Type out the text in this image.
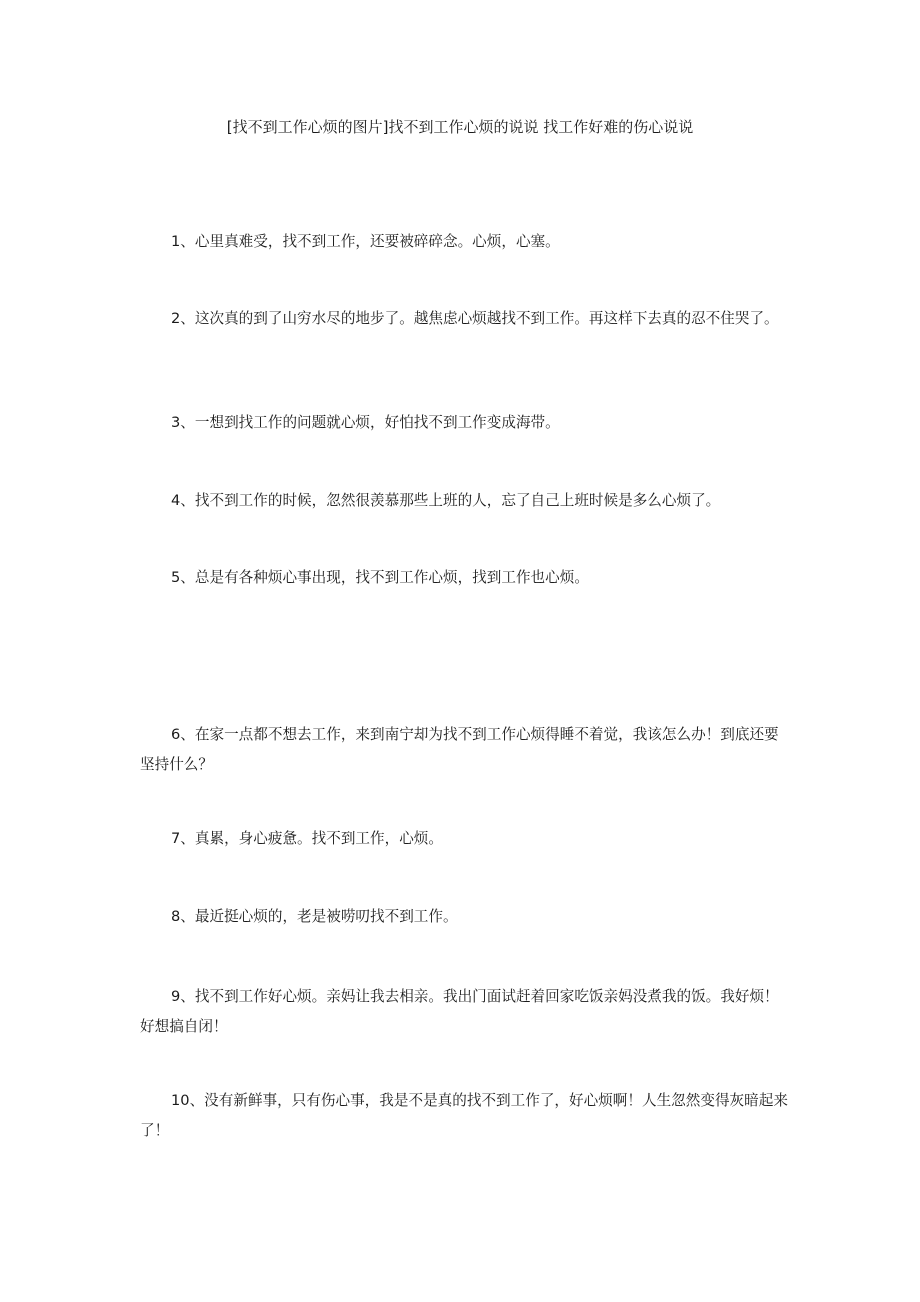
[找不到工作心烦的图片]找不到工作心烦的说说 找工作好难的伤心说说

1、心里真难受，找不到工作，还要被碎碎念。心烦，心塞。

2、这次真的到了山穷水尽的地步了。越焦虑心烦越找不到工作。再这样下去真的忍不住哭了。

3、一想到找工作的问题就心烦，好怕找不到工作变成海带。

4、找不到工作的时候，忽然很羡慕那些上班的人，忘了自己上班时候是多么心烦了。

5、总是有各种烦心事出现，找不到工作心烦，找到工作也心烦。

6、在家一点都不想去工作，来到南宁却为找不到工作心烦得睡不着觉，我该怎么办！到底还要坚持什么？

7、真累，身心疲惫。找不到工作，心烦。

8、最近挺心烦的，老是被唠叨找不到工作。

9、找不到工作好心烦。亲妈让我去相亲。我出门面试赶着回家吃饭亲妈没煮我的饭。我好烦！好想搞自闭！

10、没有新鲜事，只有伤心事，我是不是真的找不到工作了，好心烦啊！人生忽然变得灰暗起来了！
